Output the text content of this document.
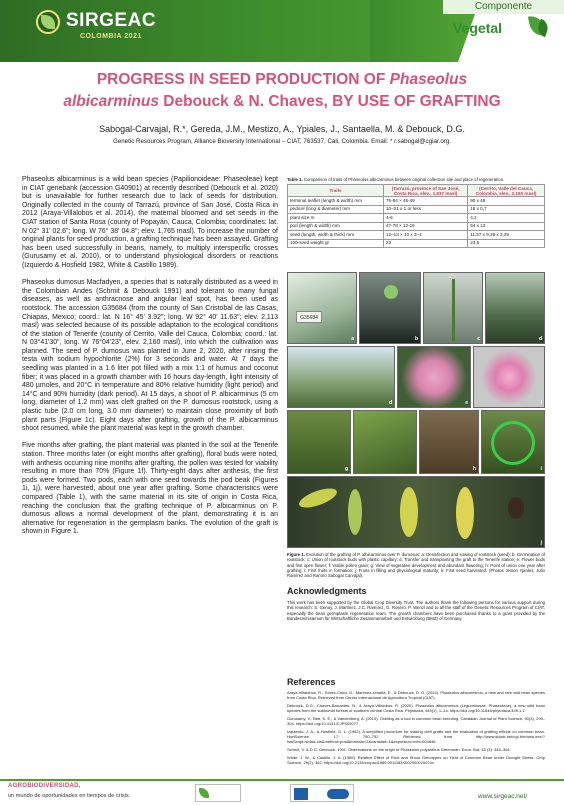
SIRGEAC
COLOMBIA 2021
Componente
Vegetal
PROGRESS IN SEED PRODUCTION OF Phaseolus
albicarminus Debouck & N. Chaves, BY USE OF GRAFTING
Sabogal-Carvajal, R.*, Gereda, J.M., Mestizo, A., Ypiales, J., Santaella, M. & Debouck, D.G.
Genetic Resources Program, Alliance Bioversity International – CIAT, 763537, Cali, Colombia. Email: * r.sabogal@cgiar.org.

Phaseolus albicarminus is a wild bean species (Papilionoideae: Phaseoleae) kept in CIAT genebank (accession G40901) at recently described (Debouck et al. 2020) but is unavailable for further research due to lack of seeds for distribution. Originally collected in the county of Tarrazú, province of San José, Costa Rica in 2012 (Araya-Villalobos et al. 2014), the maternal bloomed and set seeds in the CIAT station of Santa Rosa (county of Popayán, Cauca, Colombia; coordinates: lat. N 02° 31' 02.6"; long. W 76° 38' 04.8"; elev. 1,765 masl). To increase the number of original plants for seed production, a grafting technique has been assayed. Grafting has been used successfully in beans, namely, to multiply interspecific crosses (Gurusamy et al. 2010), or to understand physiological disorders or reactions (Izquierdo & Hosfield 1982, White & Castillo 1989).

Phaseolus dumosus Macfadyen, a species that is naturally distributed as a weed in the Colombian Andes (Schmit & Debouck 1991) and tolerant to many fungal diseases, as well as anthracnose and angular leaf spot, has been used as rootstock. The accession G35684 (from the county of San Cristobal de las Casas, Chiapas, Mexico; coord.: lat. N 16° 45' 3.92"; long. W 92° 40' 11.63"; elev. 2,113 masl) was selected because of its possible adaptation to the ecological conditions of the station of Tenerife (county of Cerrito, Valle del Cauca, Colombia; coord.: lat. N 03°41'30", long. W 76°04'23", elev. 2,160 masl), into which the cultivation was planned. The seed of P. dumosus was planted in June 2, 2020, after rinsing the testa with sodium hypochlorite (2%) for 3 seconds and water. At 7 days the seedling was planted in a 1.6 liter pot filled with a mix 1:1 of humus and coconut fiber; it was placed in a growth chamber with 16 hours day-length, light intensity of 480 µmoles, and 20°C in temperature and 80% relative humidity (light period) and 14°C and 90% humidity (dark period). At 15 days, a shoot of P. albicarminus (5 cm long, diameter of 1.2 mm) was cleft grafted on the P. dumosus rootstock, using a plastic tube (2.0 cm long, 3.0 mm diameter) to maintain close proximity of both plant parts (Figure 1c). Eight days after grafting, growth of the P. albicarminus shoot resumed, while the plant material was kept in the growth chamber.

Five months after grafting, the plant material was planted in the soil at the Tenerife station. Three months later (or eight months after grafting), floral buds were noted, with anthesis occurring nine months after grafting, the pollen was tested for viability resulting in more than 70% (Figure 1f). Thirty-eight days after anthesis, the first pods were formed. Two pods, each with one seed towards the pod beak (Figures 1i, 1j), were harvested, about one year after grafting. Some characteristics were compared (Table 1), with the same material in its site of origin in Costa Rica, reaching the conclusion that the grafting technique of P. albicarminus on P. dumosus allows a normal development of the plant, demonstrating it is an alternative for regeneration in the germplasm banks. The evolution of the graft is shown in Figure 1.

Table 1. Comparison of traits of Phaseolus albicarminus between original collection site and place of regeneration.
Traits	(Tarrazú, province of San José, Costa Rica, elev., 1,837 masl)	(Cerrito, Valle del Cauca, Colombia, elev., 2,160 masl)
terminal leaflet (length & width) mm	76-84 × 45-49	90 x 48
pedicel (long & diameter) mm	10–21 x 1 or less	18 x 0,7
plant size m	4-6	4,2
pod (length & width) mm	47-78 × 12-16	54 x 13
seed (length, width & thick) mm	12–13 × 10 x 3–4	11,57 x 9,39 x 3,29
100-seed weight gr	23	23,5
G35684
a	b	c	d
d	e	f
g	h	i
j
Figure 1. Evolution of the grafting of P. albicarminus over P. dumosus: a: Desinfection and sowing of rootstock (seed); b: Germination of rootstock; c: Union of rootstock buds with plastic capillary; d: Transfer and transplanting the graft to the Tenerife station; e: Flower buds and first open flower; f: Viable pollen grain; g: View of vegetative development and abundant flowering; h: Point of union one year after grafting; i: First fruits in formation; j: Fruits in filling and physiological maturity; k: First seed harvested. (Photos Jeison Ypiales, Julio Ramírez and Ramiro Sabogal Carvajal).
Acknowledgments
This work has been supported by the Global Crop Diversity Trust. The authors thank the following persons for various support during this research: S. Genoy, J. Martínez, J.C. Ramírez, G. Rosero, P. Wenzl and to all the staff of the Genetic Resources Program of CIAT, especially the bean germplasm regeneration team. The growth chambers have been purchased thanks to a grant provided by the Bundesministerium für Wirtschaftliche Zusammenarbeit und Entwicklung (BMZ) of Germany.
References

Araya-Villalobos, R., Torres-Chico, D., Martínez-Umaña, E., & Debouck, D. G. (2014). Phaseolus albicarminus, a new and rare wild bean species from Costa Rica. Retrieved from Centro Internacional de Agricultura Tropical (CIAT).

Debouck, D.G., Chaves-Barrantes, N., & Araya-Villalobos, R. (2020). Phaseolus albicarminus (Leguminosae, Phaseoleae), a new wild bean species from the subhumid forests of southern central Costa Rica. Phytotaxa, 449(1), 1–14. https://doi.org/10.11646/phytotaxa.449.1.1

Gurusamy, V., Bett, K. E., & Vandenberg, A. (2010). Grafting as a tool in common bean breeding. Canadian Journal of Plant Science, 90(3), 299–304. https://doi.org/10.4141/CJPS09077

Izquierdo, J. A., & Hosfield, G. L. (1982). A simplified procedure for making cleft grafts and the evaluation of grafting effects on common bean. HortScience, 17, 750–752. Retrieved from http://www.sidalc.net/cgi-bin/wxis.exe/?IsisScript=sidalc.xis&method=post&formato=2&cantidad=1&expresion=mfn=004846

Schmit, V. & D.G. Debouck. 1991. Observations on the origin of Phaseolus polyanthus Greenman. Econ. Bot. 45 (3): 345–364.

White, J. W., & Castillo, J. A. (1989). Relative Effect of Root and Shoot Genotypes on Yield of Common Bean under Drought Stress. Crop Science, 29(2), 362. https://doi.org/10.2135/cropsci1989.0011183X002900020024x

AGROBIODIVERSIDAD,
un mundo de oportunidades en tiempos de crisis.	www.sirgeac.net/
